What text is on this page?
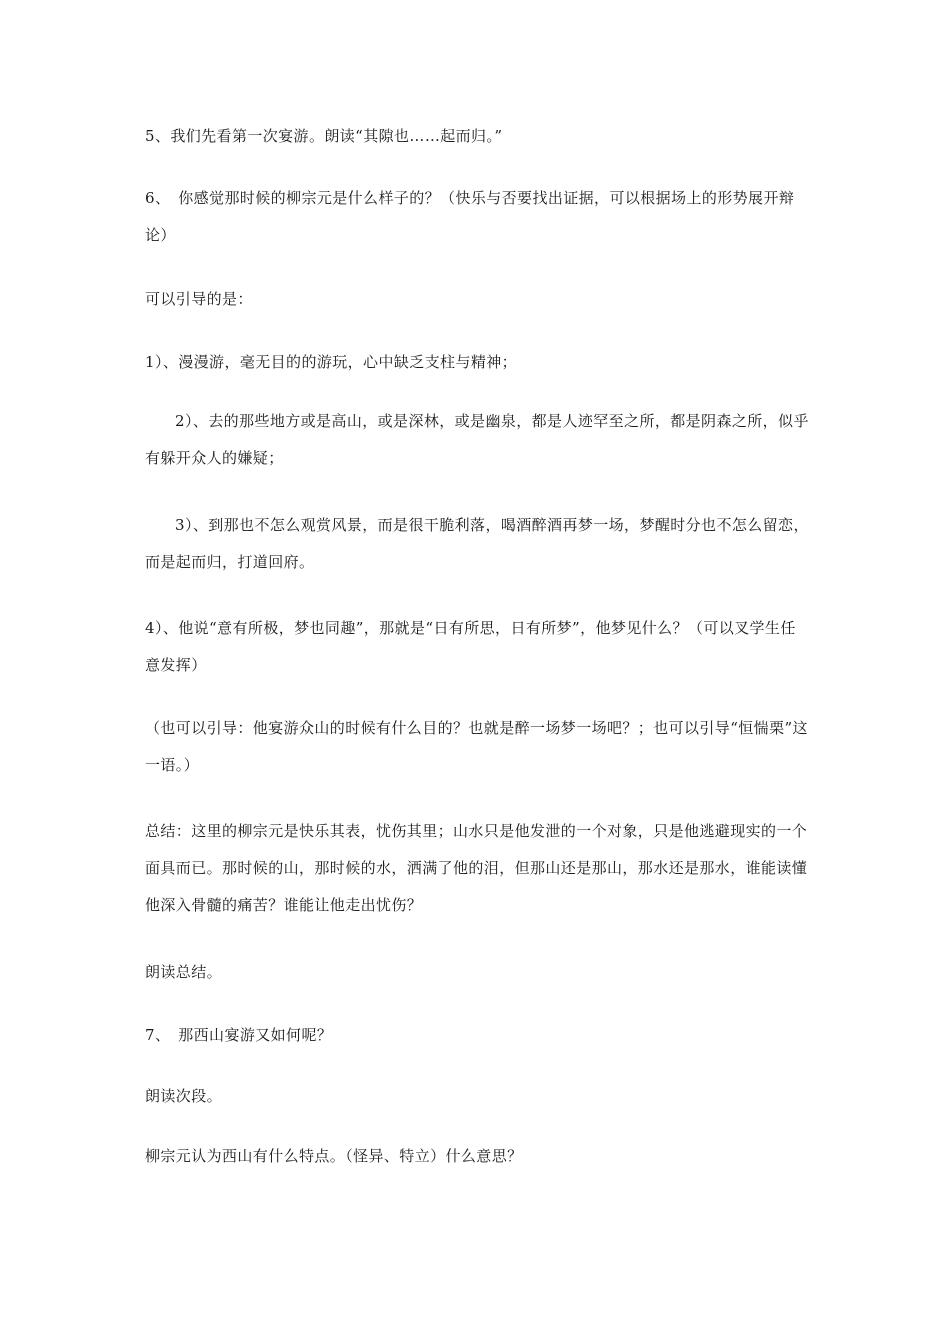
5、我们先看第一次宴游。朗读“其隙也……起而归。”

6、　你感觉那时候的柳宗元是什么样子的？（快乐与否要找出证据，可以根据场上的形势展开辩论）

可以引导的是：

1）、漫漫游，毫无目的的游玩，心中缺乏支柱与精神；

2）、去的那些地方或是高山，或是深林，或是幽泉，都是人迹罕至之所，都是阴森之所，似乎有躲开众人的嫌疑；

3）、到那也不怎么观赏风景，而是很干脆利落，喝酒醉酒再梦一场，梦醒时分也不怎么留恋，而是起而归，打道回府。

4）、他说“意有所极，梦也同趣”，那就是“日有所思，日有所梦”，他梦见什么？（可以叉学生任意发挥）

（也可以引导：他宴游众山的时候有什么目的？也就是醉一场梦一场吧？；也可以引导“恒惴栗”这一语。）

总结：这里的柳宗元是快乐其表，忧伤其里；山水只是他发泄的一个对象，只是他逃避现实的一个面具而已。那时候的山，那时候的水，洒满了他的泪，但那山还是那山，那水还是那水，谁能读懂他深入骨髓的痛苦？谁能让他走出忧伤？

朗读总结。

7、　那西山宴游又如何呢？

朗读次段。

柳宗元认为西山有什么特点。（怪异、特立）什么意思？
